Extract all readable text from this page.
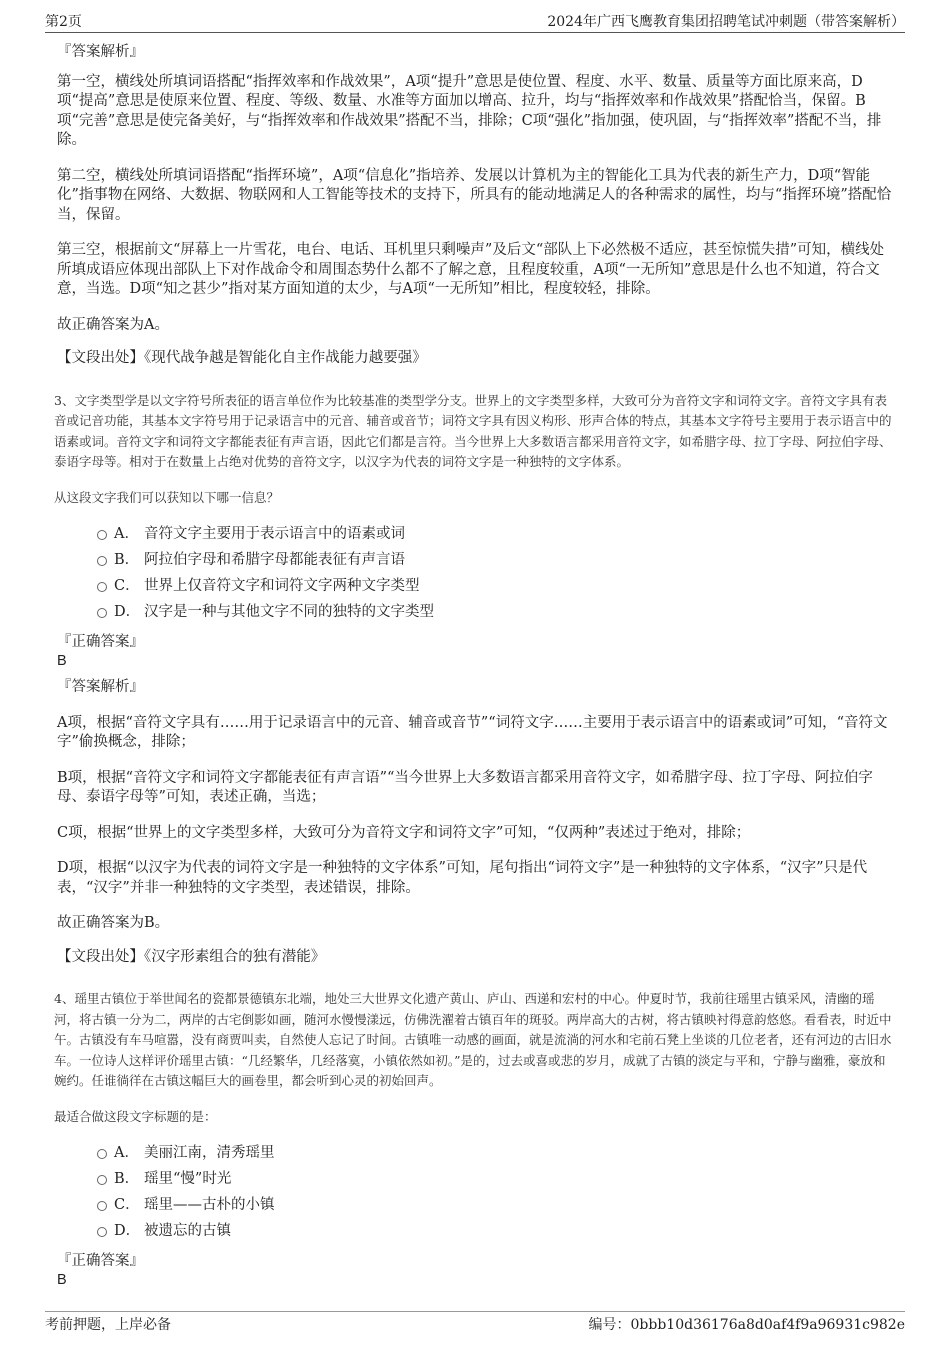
第2页	2024年广西飞鹰教育集团招聘笔试冲刺题（带答案解析）

『答案解析』

第一空，横线处所填词语搭配“指挥效率和作战效果”，A项“提升”意思是使位置、程度、水平、数量、质量等方面比原来高，D项“提高”意思是使原来位置、程度、等级、数量、水准等方面加以增高、拉升，均与“指挥效率和作战效果”搭配恰当，保留。B项“完善”意思是使完备美好，与“指挥效率和作战效果”搭配不当，排除；C项“强化”指加强，使巩固，与“指挥效率”搭配不当，排除。

第二空，横线处所填词语搭配“指挥环境”，A项“信息化”指培养、发展以计算机为主的智能化工具为代表的新生产力，D项“智能化”指事物在网络、大数据、物联网和人工智能等技术的支持下，所具有的能动地满足人的各种需求的属性，均与“指挥环境”搭配恰当，保留。

第三空，根据前文“屏幕上一片雪花，电台、电话、耳机里只剩噪声”及后文“部队上下必然极不适应，甚至惊慌失措”可知，横线处所填成语应体现出部队上下对作战命令和周围态势什么都不了解之意，且程度较重，A项“一无所知”意思是什么也不知道，符合文意，当选。D项“知之甚少”指对某方面知道的太少，与A项“一无所知”相比，程度较轻，排除。

故正确答案为A。

【文段出处】《现代战争越是智能化自主作战能力越要强》

3、文字类型学是以文字符号所表征的语言单位作为比较基准的类型学分支。世界上的文字类型多样，大致可分为音符文字和词符文字。音符文字具有表音或记音功能，其基本文字符号用于记录语言中的元音、辅音或音节；词符文字具有因义构形、形声合体的特点，其基本文字符号主要用于表示语言中的语素或词。音符文字和词符文字都能表征有声言语，因此它们都是言符。当今世界上大多数语言都采用音符文字，如希腊字母、拉丁字母、阿拉伯字母、泰语字母等。相对于在数量上占绝对优势的音符文字，以汉字为代表的词符文字是一种独特的文字体系。

从这段文字我们可以获知以下哪一信息？

A． 音符文字主要用于表示语言中的语素或词
B． 阿拉伯字母和希腊字母都能表征有声言语
C． 世界上仅音符文字和词符文字两种文字类型
D． 汉字是一种与其他文字不同的独特的文字类型

『正确答案』

B

『答案解析』

A项，根据“音符文字具有……用于记录语言中的元音、辅音或音节”“词符文字……主要用于表示语言中的语素或词”可知，“音符文字”偷换概念，排除；

B项，根据“音符文字和词符文字都能表征有声言语”“当今世界上大多数语言都采用音符文字，如希腊字母、拉丁字母、阿拉伯字母、泰语字母等”可知，表述正确，当选；

C项，根据“世界上的文字类型多样，大致可分为音符文字和词符文字”可知，“仅两种”表述过于绝对，排除；

D项，根据“以汉字为代表的词符文字是一种独特的文字体系”可知，尾句指出“词符文字”是一种独特的文字体系，“汉字”只是代表，“汉字”并非一种独特的文字类型，表述错误，排除。

故正确答案为B。

【文段出处】《汉字形素组合的独有潜能》

4、瑶里古镇位于举世闻名的瓷都景德镇东北端，地处三大世界文化遗产黄山、庐山、西递和宏村的中心。仲夏时节，我前往瑶里古镇采风，清幽的瑶河，将古镇一分为二，两岸的古宅倒影如画，随河水慢慢漾远，仿佛洗濯着古镇百年的斑驳。两岸高大的古树，将古镇映衬得意韵悠悠。看看表，时近中午。古镇没有车马喧嚣，没有商贾叫卖，自然使人忘记了时间。古镇唯一动感的画面，就是流淌的河水和宅前石凳上坐谈的几位老者，还有河边的古旧水车。一位诗人这样评价瑶里古镇：“几经繁华，几经落寞，小镇依然如初。”是的，过去或喜或悲的岁月，成就了古镇的淡定与平和，宁静与幽雅，豪放和婉约。任谁徜徉在古镇这幅巨大的画卷里，都会听到心灵的初始回声。

最适合做这段文字标题的是：

A． 美丽江南，清秀瑶里
B． 瑶里“慢”时光
C． 瑶里——古朴的小镇
D． 被遗忘的古镇

『正确答案』

B

考前押题，上岸必备	编号：0bbb10d36176a8d0af4f9a96931c982e
